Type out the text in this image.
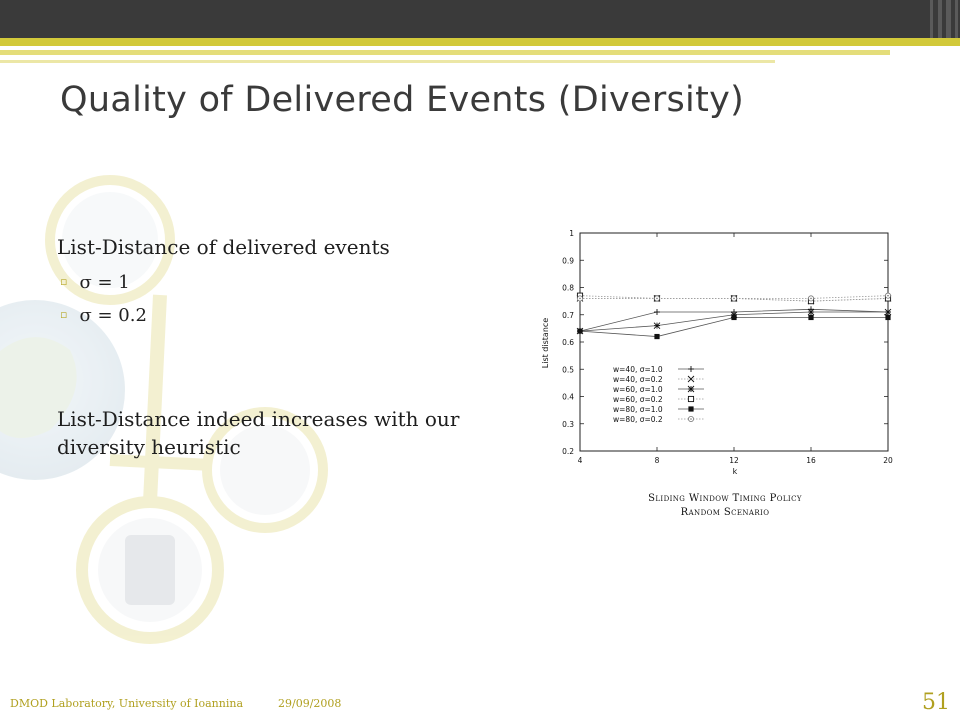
Quality of Delivered Events (Diversity)
List-Distance of delivered events
▫ σ = 1
▫ σ = 0.2
List-Distance indeed increases with our diversity heuristic	0.2
0.3
0.4
0.5
0.6
0.7
0.8
0.9
1
4	8	12	16	20
w=40, σ=1.0
w=40, σ=0.2
w=60, σ=1.0
w=60, σ=0.2
w=80, σ=1.0
w=80, σ=0.2
k
List distance
Sliding Window Timing Policy
Random Scenario
DMOD Laboratory, University of Ioannina	29/09/2008	51
